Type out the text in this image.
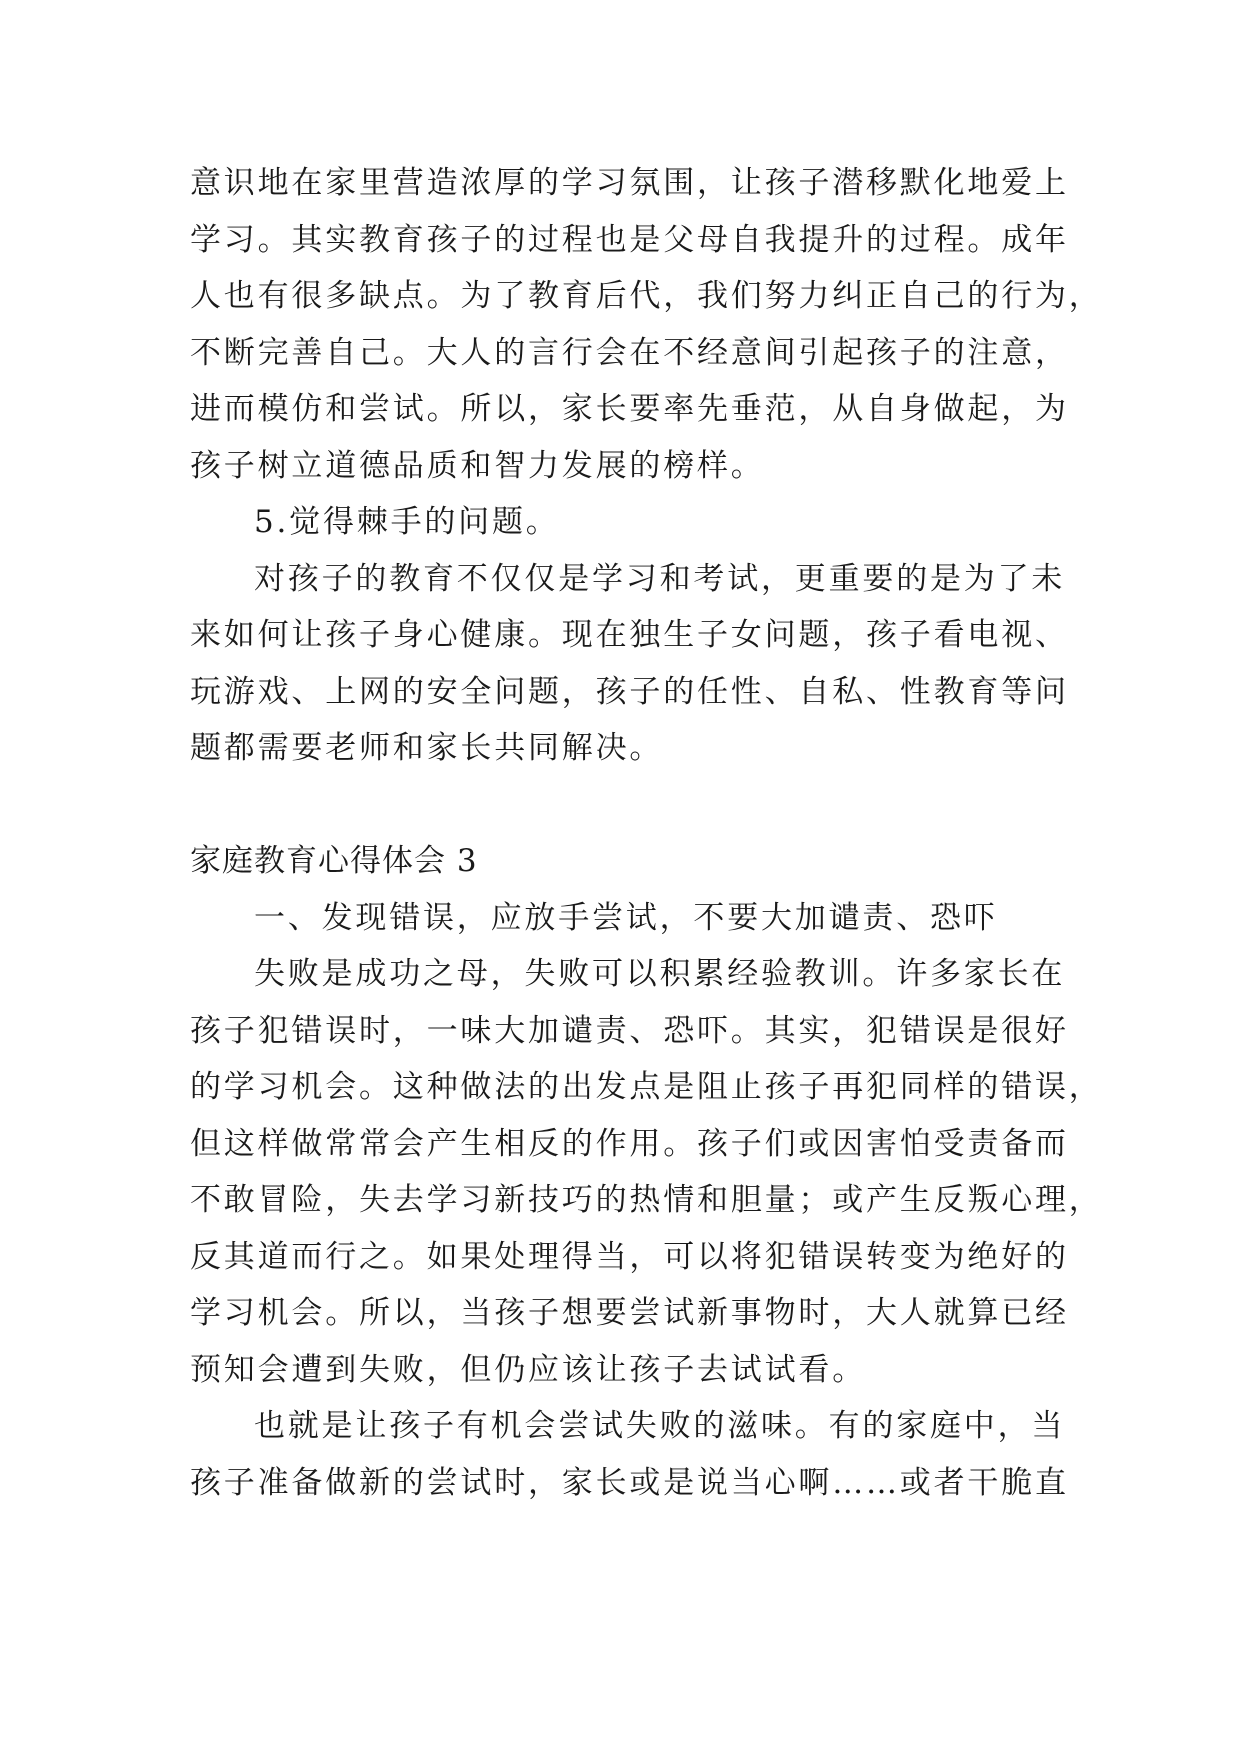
意识地在家里营造浓厚的学习氛围，让孩子潜移默化地爱上
学习。其实教育孩子的过程也是父母自我提升的过程。成年
人也有很多缺点。为了教育后代，我们努力纠正自己的行为，
不断完善自己。大人的言行会在不经意间引起孩子的注意，
进而模仿和尝试。所以，家长要率先垂范，从自身做起，为
孩子树立道德品质和智力发展的榜样。
5.觉得棘手的问题。
对孩子的教育不仅仅是学习和考试，更重要的是为了未
来如何让孩子身心健康。现在独生子女问题，孩子看电视、
玩游戏、上网的安全问题，孩子的任性、自私、性教育等问
题都需要老师和家长共同解决。
家庭教育心得体会 3
一、发现错误，应放手尝试，不要大加谴责、恐吓
失败是成功之母，失败可以积累经验教训。许多家长在
孩子犯错误时，一味大加谴责、恐吓。其实，犯错误是很好
的学习机会。这种做法的出发点是阻止孩子再犯同样的错误，
但这样做常常会产生相反的作用。孩子们或因害怕受责备而
不敢冒险，失去学习新技巧的热情和胆量；或产生反叛心理，
反其道而行之。如果处理得当，可以将犯错误转变为绝好的
学习机会。所以，当孩子想要尝试新事物时，大人就算已经
预知会遭到失败，但仍应该让孩子去试试看。
也就是让孩子有机会尝试失败的滋味。有的家庭中，当
孩子准备做新的尝试时，家长或是说当心啊……或者干脆直
